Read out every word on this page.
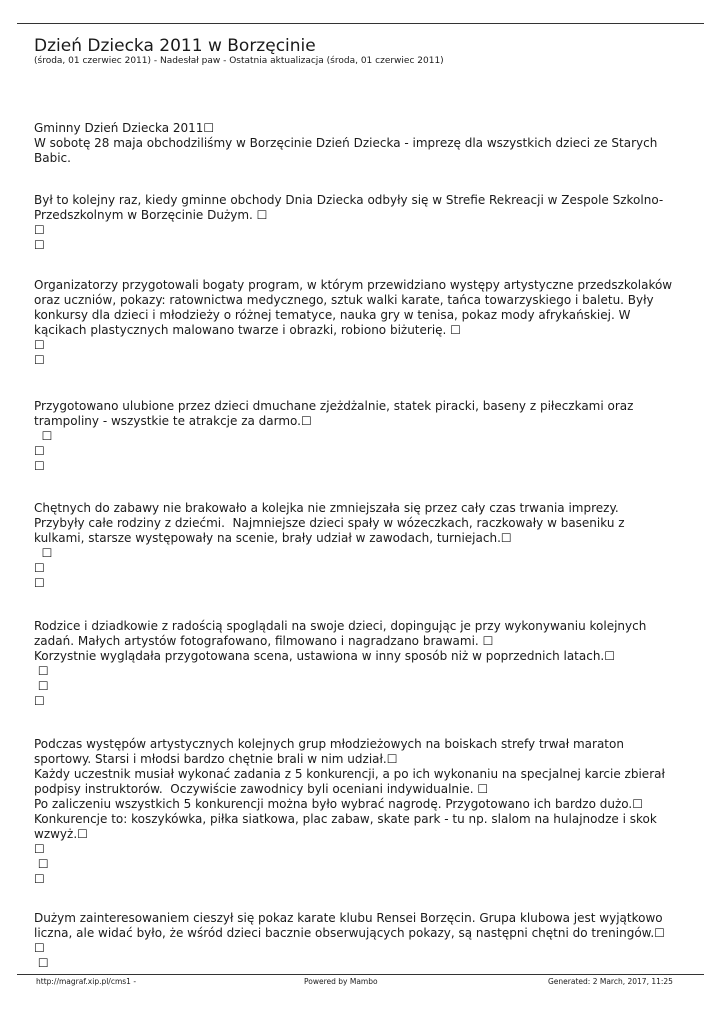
Dzień Dziecka 2011 w Borzęcinie
(środa, 01 czerwiec 2011) - Nadesłał paw - Ostatnia aktualizacja (środa, 01 czerwiec 2011)
Gminny Dzień Dziecka 2011☐
W sobotę 28 maja obchodziliśmy w Borzęcinie Dzień Dziecka - imprezę dla wszystkich dzieci ze Starych
Babic.
Był to kolejny raz, kiedy gminne obchody Dnia Dziecka odbyły się w Strefie Rekreacji w Zespole Szkolno-
Przedszkolnym w Borzęcinie Dużym. ☐
☐
☐
Organizatorzy przygotowali bogaty program, w którym przewidziano występy artystyczne przedszkolaków
oraz uczniów, pokazy: ratownictwa medycznego, sztuk walki karate, tańca towarzyskiego i baletu. Były
konkursy dla dzieci i młodzieży o różnej tematyce, nauka gry w tenisa, pokaz mody afrykańskiej. W
kącikach plastycznych malowano twarze i obrazki, robiono biżuterię. ☐
☐
☐
Przygotowano ulubione przez dzieci dmuchane zjeżdżalnie, statek piracki, baseny z piłeczkami oraz
trampoliny - wszystkie te atrakcje za darmo.☐
☐
☐
☐
Chętnych do zabawy nie brakowało a kolejka nie zmniejszała się przez cały czas trwania imprezy.
Przybyły całe rodziny z dziećmi.  Najmniejsze dzieci spały w wózeczkach, raczkowały w baseniku z
kulkami, starsze występowały na scenie, brały udział w zawodach, turniejach.☐
☐
☐
☐
Rodzice i dziadkowie z radością spoglądali na swoje dzieci, dopingując je przy wykonywaniu kolejnych
zadań. Małych artystów fotografowano, filmowano i nagradzano brawami. ☐
Korzystnie wyglądała przygotowana scena, ustawiona w inny sposób niż w poprzednich latach.☐
☐
☐
☐
Podczas występów artystycznych kolejnych grup młodzieżowych na boiskach strefy trwał maraton
sportowy. Starsi i młodsi bardzo chętnie brali w nim udział.☐
Każdy uczestnik musiał wykonać zadania z 5 konkurencji, a po ich wykonaniu na specjalnej karcie zbierał
podpisy instruktorów.  Oczywiście zawodnicy byli oceniani indywidualnie. ☐
Po zaliczeniu wszystkich 5 konkurencji można było wybrać nagrodę. Przygotowano ich bardzo dużo.☐
Konkurencje to: koszykówka, piłka siatkowa, plac zabaw, skate park - tu np. slalom na hulajnodze i skok
wzwyż.☐
☐
☐
☐
Dużym zainteresowaniem cieszył się pokaz karate klubu Rensei Borzęcin. Grupa klubowa jest wyjątkowo
liczna, ale widać było, że wśród dzieci bacznie obserwujących pokazy, są następni chętni do treningów.☐
☐
☐
http://magraf.xip.pl/cms1 -	Powered by Mambo	Generated: 2 March, 2017, 11:25
